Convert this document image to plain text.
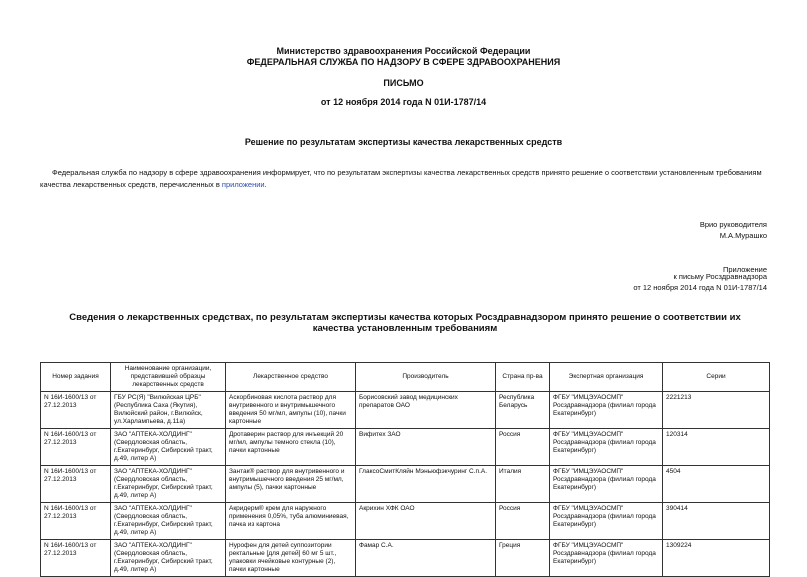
Министерство здравоохранения Российской Федерации
ФЕДЕРАЛЬНАЯ СЛУЖБА ПО НАДЗОРУ В СФЕРЕ ЗДРАВООХРАНЕНИЯ
ПИСЬМО
от 12 ноября 2014 года N 01И-1787/14
Решение по результатам экспертизы качества лекарственных средств
Федеральная служба по надзору в сфере здравоохранения информирует, что по результатам экспертизы качества лекарственных средств принято решение о соответствии установленным требованиям качества лекарственных средств, перечисленных в приложении.
Врио руководителя
М.А.Мурашко
Приложение
к письму Росздравнадзора
от 12 ноября 2014 года N 01И-1787/14
Сведения о лекарственных средствах, по результатам экспертизы качества которых Росздравнадзором принято решение о соответствии их качества установленным требованиям
Номер задания	Наименование организации, представившей образцы лекарственных средств	Лекарственное средство	Производитель	Страна пр-ва	Экспертная организация	Серии
N 16И-1600/13 от 27.12.2013	ГБУ РС(Я) "Вилюйская ЦРБ" (Республика Саха (Якутия), Вилюйский район, г.Вилюйск, ул.Харлампьева, д.11а)	Аскорбиновая кислота раствор для внутривенного и внутримышечного введения 50 мг/мл, ампулы (10), пачки картонные	Борисовский завод медицинских препаратов ОАО	Республика Беларусь	ФГБУ "ИМЦЭУАОСМП" Росздравнадзора (филиал города Екатеринбург)	2221213
N 16И-1600/13 от 27.12.2013	ЗАО "АПТЕКА-ХОЛДИНГ" (Свердловская область, г.Екатеринбург, Сибирский тракт, д.49, литер А)	Дротаверин раствор для инъекций 20 мг/мл, ампулы темного стекла (10), пачки картонные	Вифитех ЗАО	Россия	ФГБУ "ИМЦЭУАОСМП" Росздравнадзора (филиал города Екатеринбург)	120314
N 16И-1600/13 от 27.12.2013	ЗАО "АПТЕКА-ХОЛДИНГ" (Свердловская область, г.Екатеринбург, Сибирский тракт, д.49, литер А)	Зантак® раствор для внутривенного и внутримышечного введения 25 мг/мл, ампулы (5), пачки картонные	ГлаксоСмитКляйн Мэньюфэкчуринг С.п.А.	Италия	ФГБУ "ИМЦЭУАОСМП" Росздравнадзора (филиал города Екатеринбург)	4504
N 16И-1600/13 от 27.12.2013	ЗАО "АПТЕКА-ХОЛДИНГ" (Свердловская область, г.Екатеринбург, Сибирский тракт, д.49, литер А)	Акридерм® крем для наружного применения 0,05%, туба алюминиевая, пачка из картона	Акрихин ХФК ОАО	Россия	ФГБУ "ИМЦЭУАОСМП" Росздравнадзора (филиал города Екатеринбург)	390414
N 16И-1600/13 от 27.12.2013	ЗАО "АПТЕКА-ХОЛДИНГ" (Свердловская область, г.Екатеринбург, Сибирский тракт, д.49, литер А)	Нурофен для детей суппозитории ректальные [для детей] 60 мг 5 шт., упаковки ячейковые контурные (2), пачки картонные	Фамар С.А.	Греция	ФГБУ "ИМЦЭУАОСМП" Росздравнадзора (филиал города Екатеринбург)	1309224
